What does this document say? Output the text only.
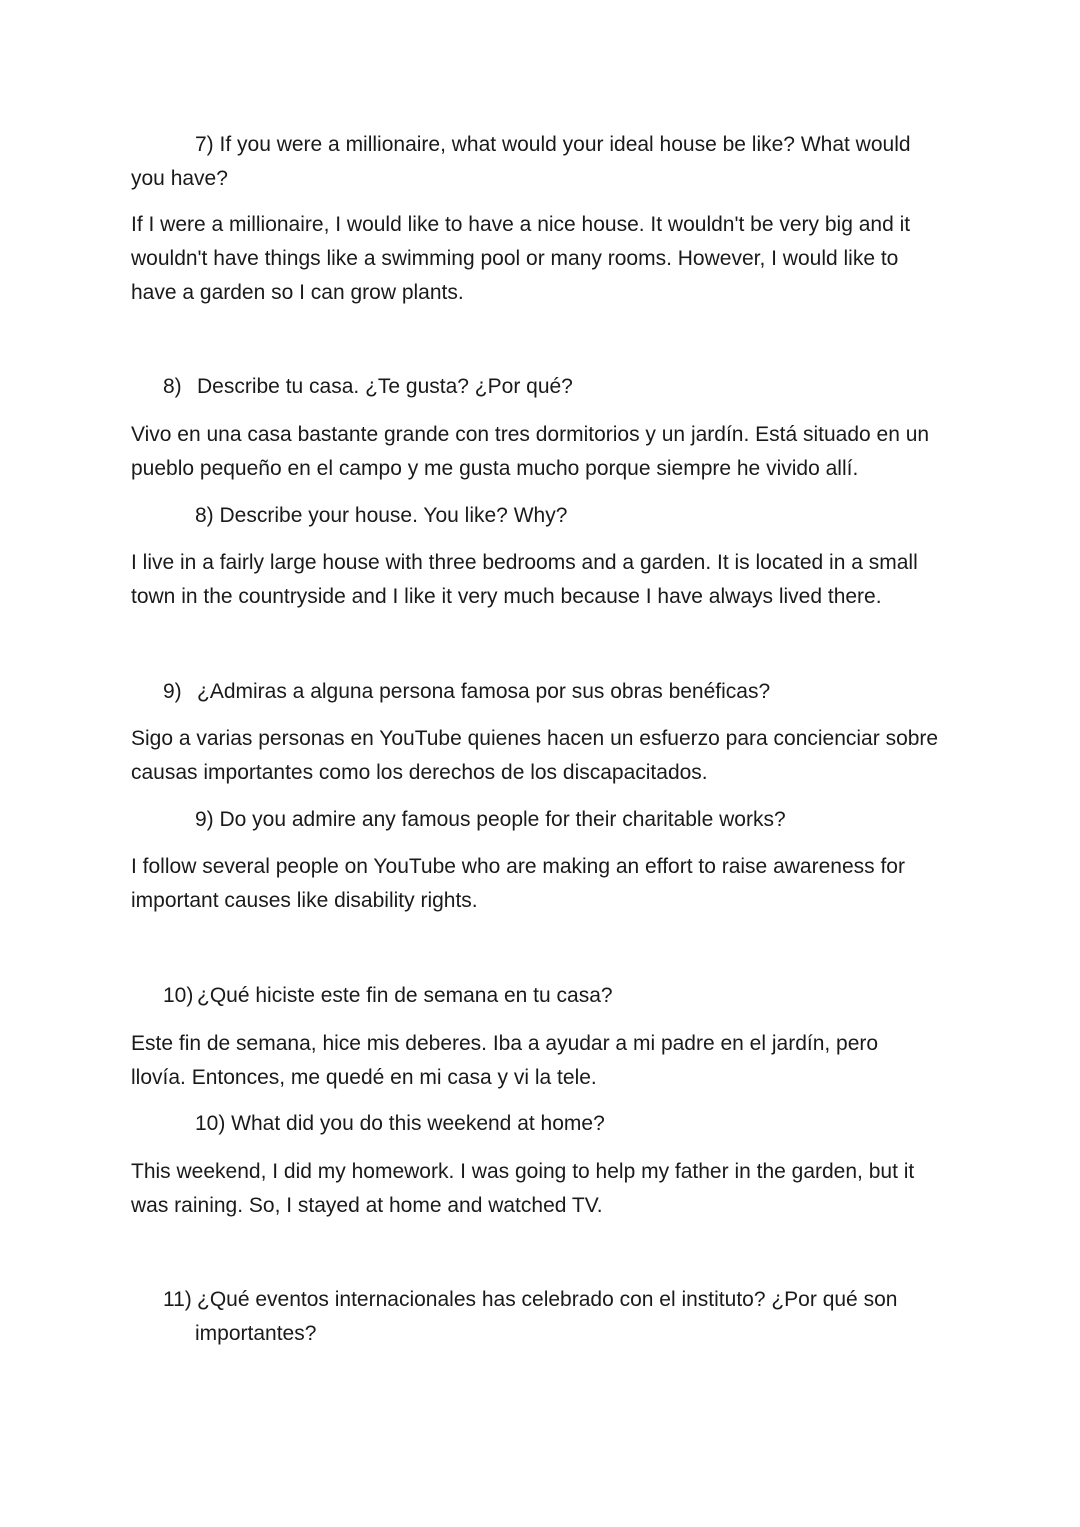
7) If you were a millionaire, what would your ideal house be like? What would
you have?
If I were a millionaire, I would like to have a nice house. It wouldn't be very big and it
wouldn't have things like a swimming pool or many rooms. However, I would like to
have a garden so I can grow plants.
8) Describe tu casa. ¿Te gusta? ¿Por qué?
Vivo en una casa bastante grande con tres dormitorios y un jardín. Está situado en un
pueblo pequeño en el campo y me gusta mucho porque siempre he vivido allí.
8) Describe your house. You like? Why?
I live in a fairly large house with three bedrooms and a garden. It is located in a small
town in the countryside and I like it very much because I have always lived there.
9) ¿Admiras a alguna persona famosa por sus obras benéficas?
Sigo a varias personas en YouTube quienes hacen un esfuerzo para concienciar sobre
causas importantes como los derechos de los discapacitados.
9) Do you admire any famous people for their charitable works?
I follow several people on YouTube who are making an effort to raise awareness for
important causes like disability rights.
10) ¿Qué hiciste este fin de semana en tu casa?
Este fin de semana, hice mis deberes. Iba a ayudar a mi padre en el jardín, pero
llovía. Entonces, me quedé en mi casa y vi la tele.
10) What did you do this weekend at home?
This weekend, I did my homework. I was going to help my father in the garden, but it
was raining. So, I stayed at home and watched TV.
11) ¿Qué eventos internacionales has celebrado con el instituto? ¿Por qué son
importantes?
